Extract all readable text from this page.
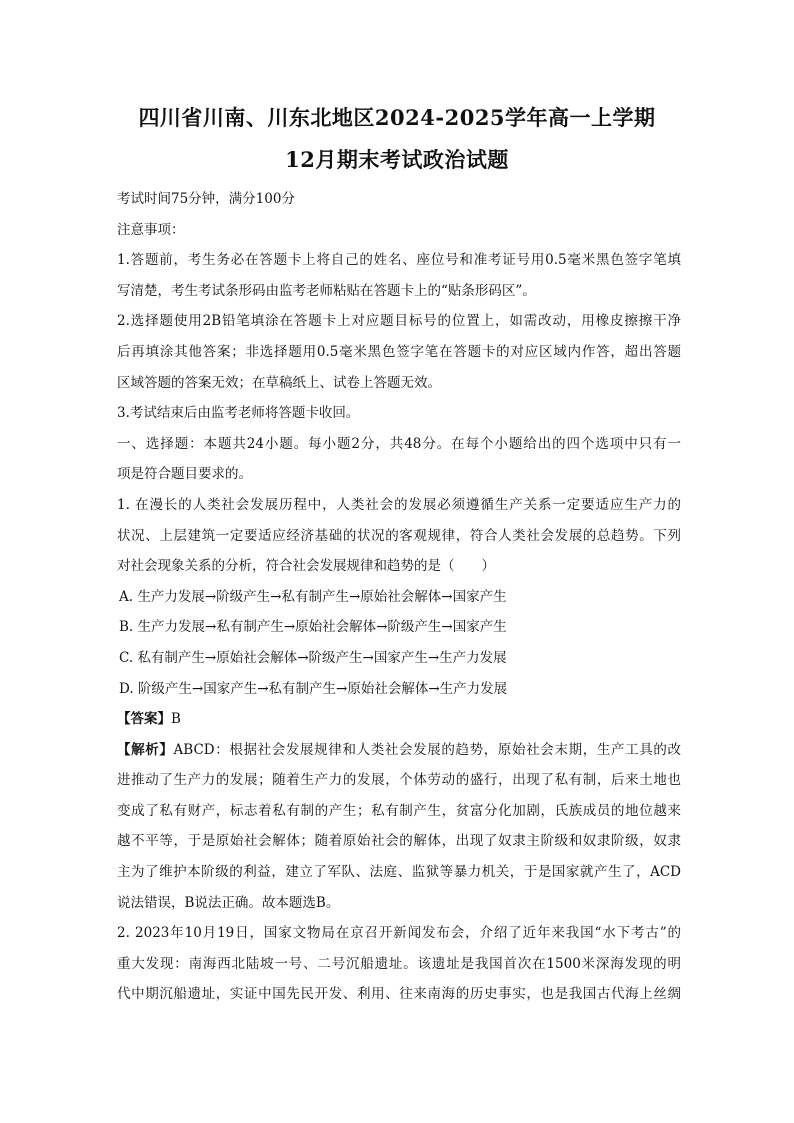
四川省川南、川东北地区2024-2025学年高一上学期
12月期末考试政治试题
考试时间75分钟，满分100分
注意事项：
1.答题前，考生务必在答题卡上将自己的姓名、座位号和准考证号用0.5毫米黑色签字笔填
写清楚，考生考试条形码由监考老师粘贴在答题卡上的“贴条形码区”。
2.选择题使用2B铅笔填涂在答题卡上对应题目标号的位置上，如需改动，用橡皮擦擦干净
后再填涂其他答案；非选择题用0.5毫米黑色签字笔在答题卡的对应区域内作答，超出答题
区域答题的答案无效；在草稿纸上、试卷上答题无效。
3.考试结束后由监考老师将答题卡收回。
一、选择题：本题共24小题。每小题2分，共48分。在每个小题给出的四个选项中只有一
项是符合题目要求的。
1. 在漫长的人类社会发展历程中，人类社会的发展必须遵循生产关系一定要适应生产力的
状况、上层建筑一定要适应经济基础的状况的客观规律，符合人类社会发展的总趋势。下列
对社会现象关系的分析，符合社会发展规律和趋势的是（　　）
A. 生产力发展→阶级产生→私有制产生→原始社会解体→国家产生
B. 生产力发展→私有制产生→原始社会解体→阶级产生→国家产生
C. 私有制产生→原始社会解体→阶级产生→国家产生→生产力发展
D. 阶级产生→国家产生→私有制产生→原始社会解体→生产力发展
【答案】B
【解析】ABCD：根据社会发展规律和人类社会发展的趋势，原始社会末期，生产工具的改
进推动了生产力的发展；随着生产力的发展，个体劳动的盛行，出现了私有制，后来土地也
变成了私有财产，标志着私有制的产生；私有制产生，贫富分化加剧，氏族成员的地位越来
越不平等，于是原始社会解体；随着原始社会的解体，出现了奴隶主阶级和奴隶阶级，奴隶
主为了维护本阶级的利益，建立了军队、法庭、监狱等暴力机关，于是国家就产生了，ACD
说法错误，B说法正确。故本题选B。
2. 2023年10月19日，国家文物局在京召开新闻发布会，介绍了近年来我国“水下考古”的
重大发现：南海西北陆坡一号、二号沉船遗址。该遗址是我国首次在1500米深海发现的明
代中期沉船遗址，实证中国先民开发、利用、往来南海的历史事实，也是我国古代海上丝绸
